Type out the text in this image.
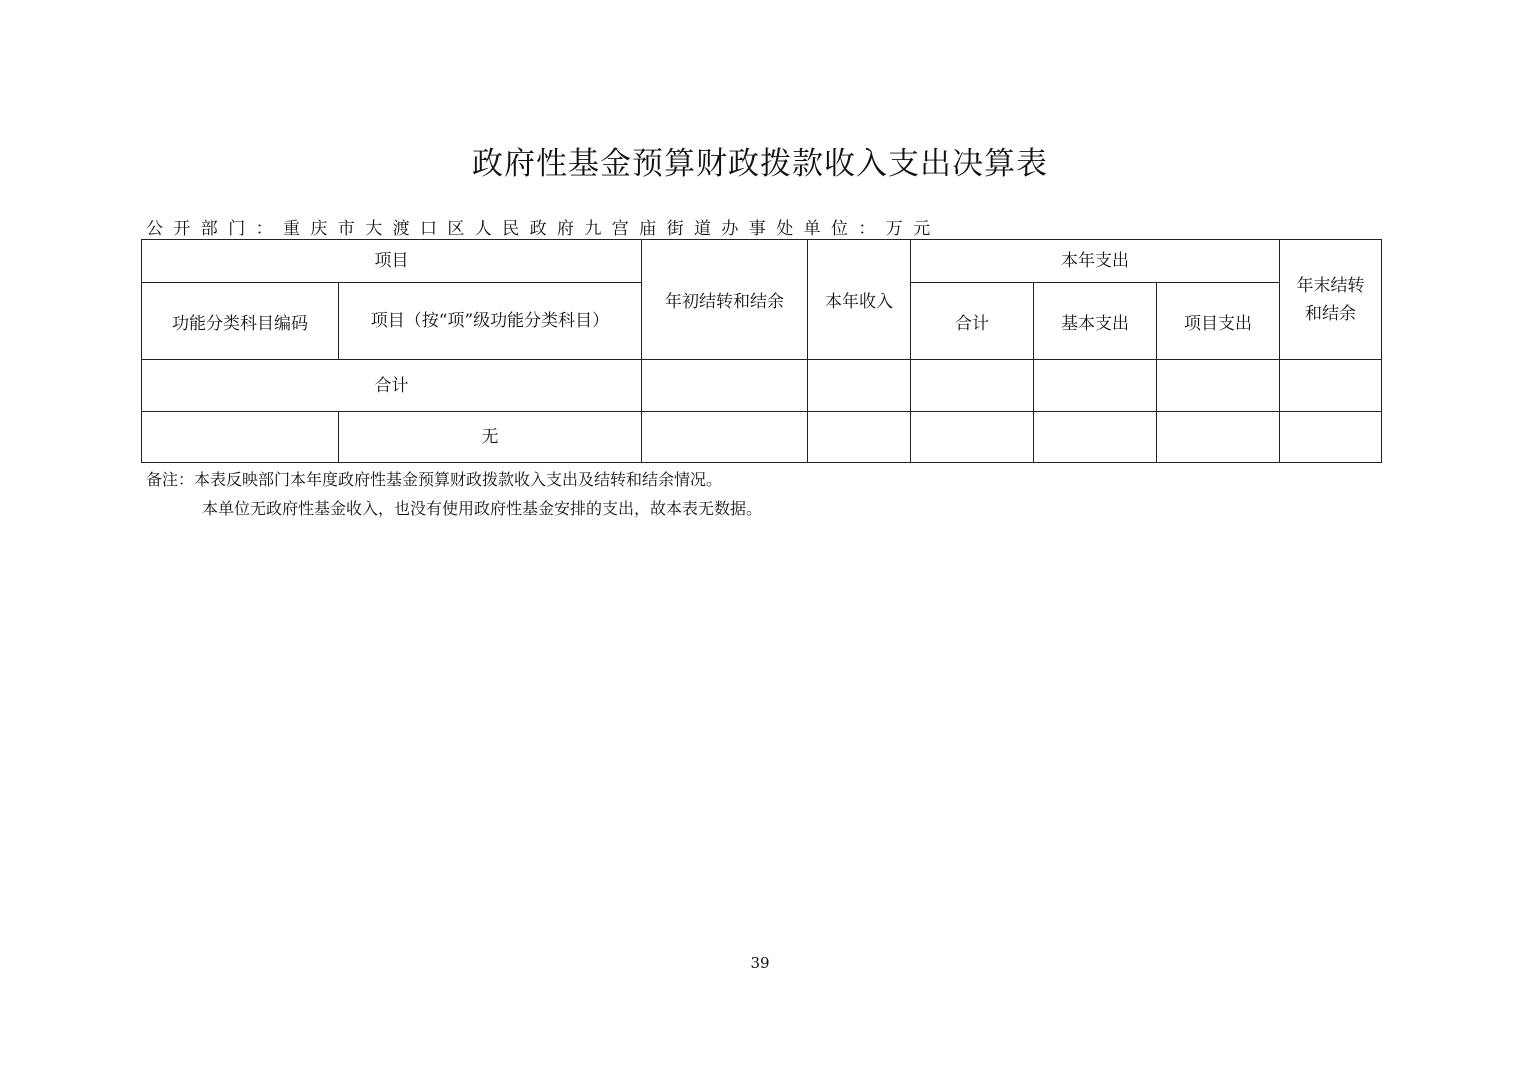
政府性基金预算财政拨款收入支出决算表
公开部门：重庆市大渡口区人民政府九宫庙街道办事处单位：万元
项目		年初结转和结余	本年收入	本年支出			年末结转和结余
功能分类科目编码	项目（按“项”级功能分类科目）			合计	基本支出	项目支出	
合计							
	无						
备注：本表反映部门本年度政府性基金预算财政拨款收入支出及结转和结余情况。
本单位无政府性基金收入，也没有使用政府性基金安排的支出，故本表无数据。
39
